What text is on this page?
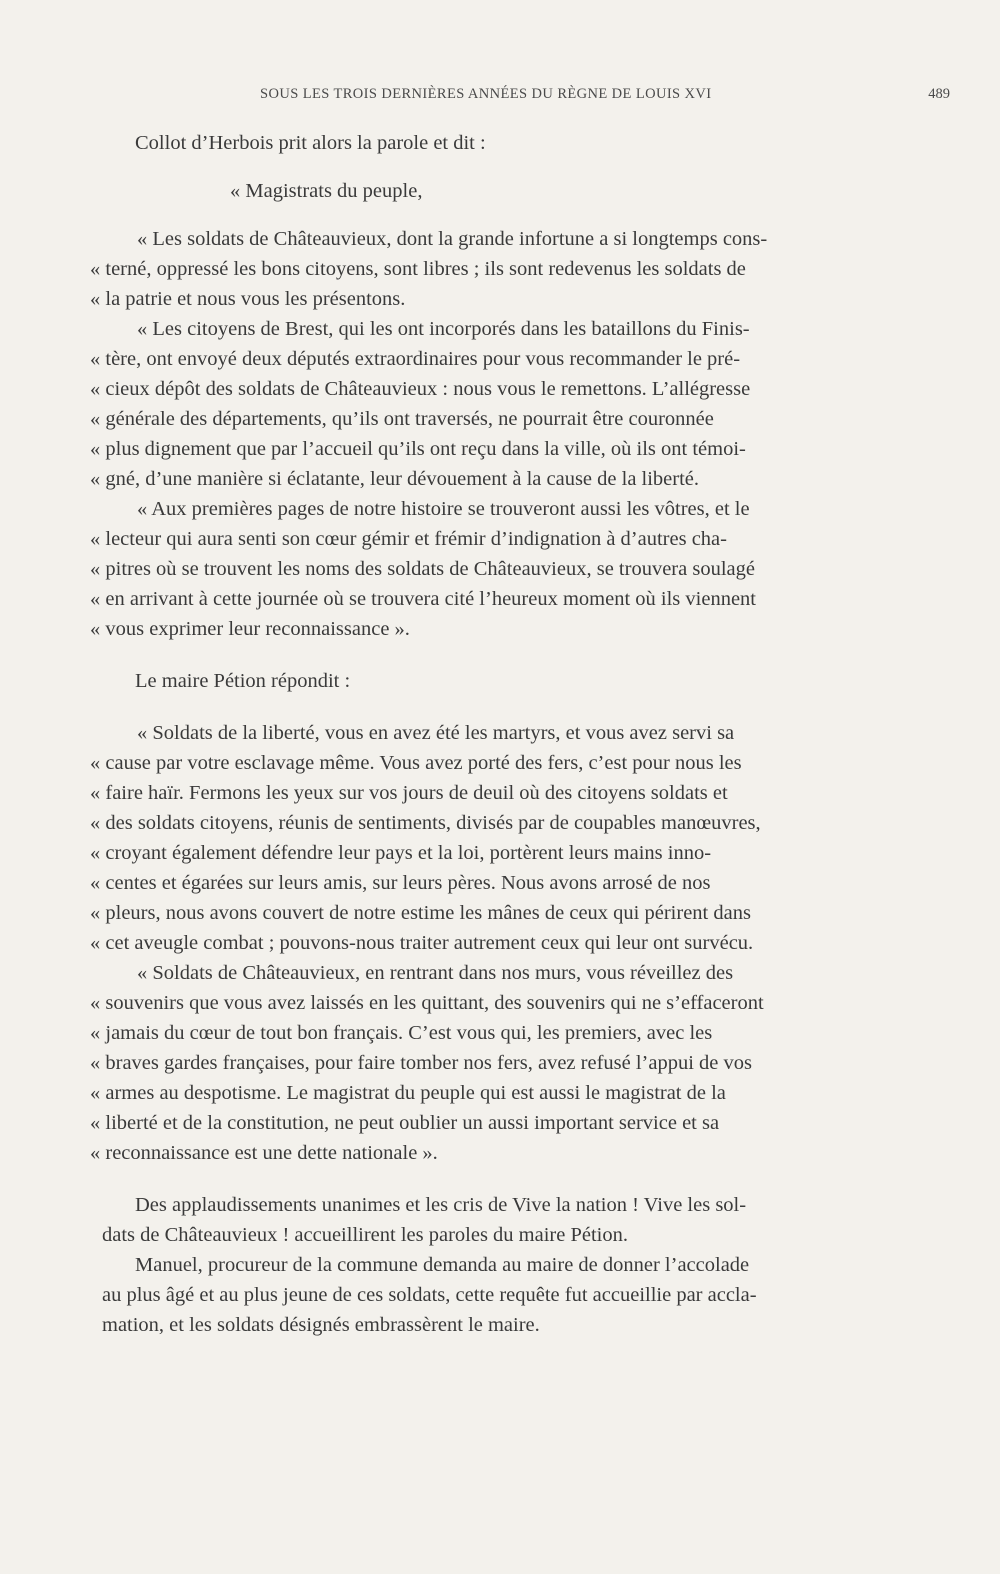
SOUS LES TROIS DERNIÈRES ANNÉES DU RÈGNE DE LOUIS XVI	489
Collot d’Herbois prit alors la parole et dit :
« Magistrats du peuple,
« Les soldats de Châteauvieux, dont la grande infortune a si longtemps cons-
« terné, oppressé les bons citoyens, sont libres ; ils sont redevenus les soldats de
« la patrie et nous vous les présentons.
« Les citoyens de Brest, qui les ont incorporés dans les bataillons du Finis-
« tère, ont envoyé deux députés extraordinaires pour vous recommander le pré-
« cieux dépôt des soldats de Châteauvieux : nous vous le remettons. L’allégresse
« générale des départements, qu’ils ont traversés, ne pourrait être couronnée
« plus dignement que par l’accueil qu’ils ont reçu dans la ville, où ils ont témoi-
« gné, d’une manière si éclatante, leur dévouement à la cause de la liberté.
« Aux premières pages de notre histoire se trouveront aussi les vôtres, et le
« lecteur qui aura senti son cœur gémir et frémir d’indignation à d’autres cha-
« pitres où se trouvent les noms des soldats de Châteauvieux, se trouvera soulagé
« en arrivant à cette journée où se trouvera cité l’heureux moment où ils viennent
« vous exprimer leur reconnaissance ».
Le maire Pétion répondit :
« Soldats de la liberté, vous en avez été les martyrs, et vous avez servi sa
« cause par votre esclavage même. Vous avez porté des fers, c’est pour nous les
« faire haïr. Fermons les yeux sur vos jours de deuil où des citoyens soldats et
« des soldats citoyens, réunis de sentiments, divisés par de coupables manœuvres,
« croyant également défendre leur pays et la loi, portèrent leurs mains inno-
« centes et égarées sur leurs amis, sur leurs pères. Nous avons arrosé de nos
« pleurs, nous avons couvert de notre estime les mânes de ceux qui périrent dans
« cet aveugle combat ; pouvons-nous traiter autrement ceux qui leur ont survécu.
« Soldats de Châteauvieux, en rentrant dans nos murs, vous réveillez des
« souvenirs que vous avez laissés en les quittant, des souvenirs qui ne s’effaceront
« jamais du cœur de tout bon français. C’est vous qui, les premiers, avec les
« braves gardes françaises, pour faire tomber nos fers, avez refusé l’appui de vos
« armes au despotisme. Le magistrat du peuple qui est aussi le magistrat de la
« liberté et de la constitution, ne peut oublier un aussi important service et sa
« reconnaissance est une dette nationale ».
Des applaudissements unanimes et les cris de Vive la nation ! Vive les sol-
dats de Châteauvieux ! accueillirent les paroles du maire Pétion.
Manuel, procureur de la commune demanda au maire de donner l’accolade
au plus âgé et au plus jeune de ces soldats, cette requête fut accueillie par accla-
mation, et les soldats désignés embrassèrent le maire.
